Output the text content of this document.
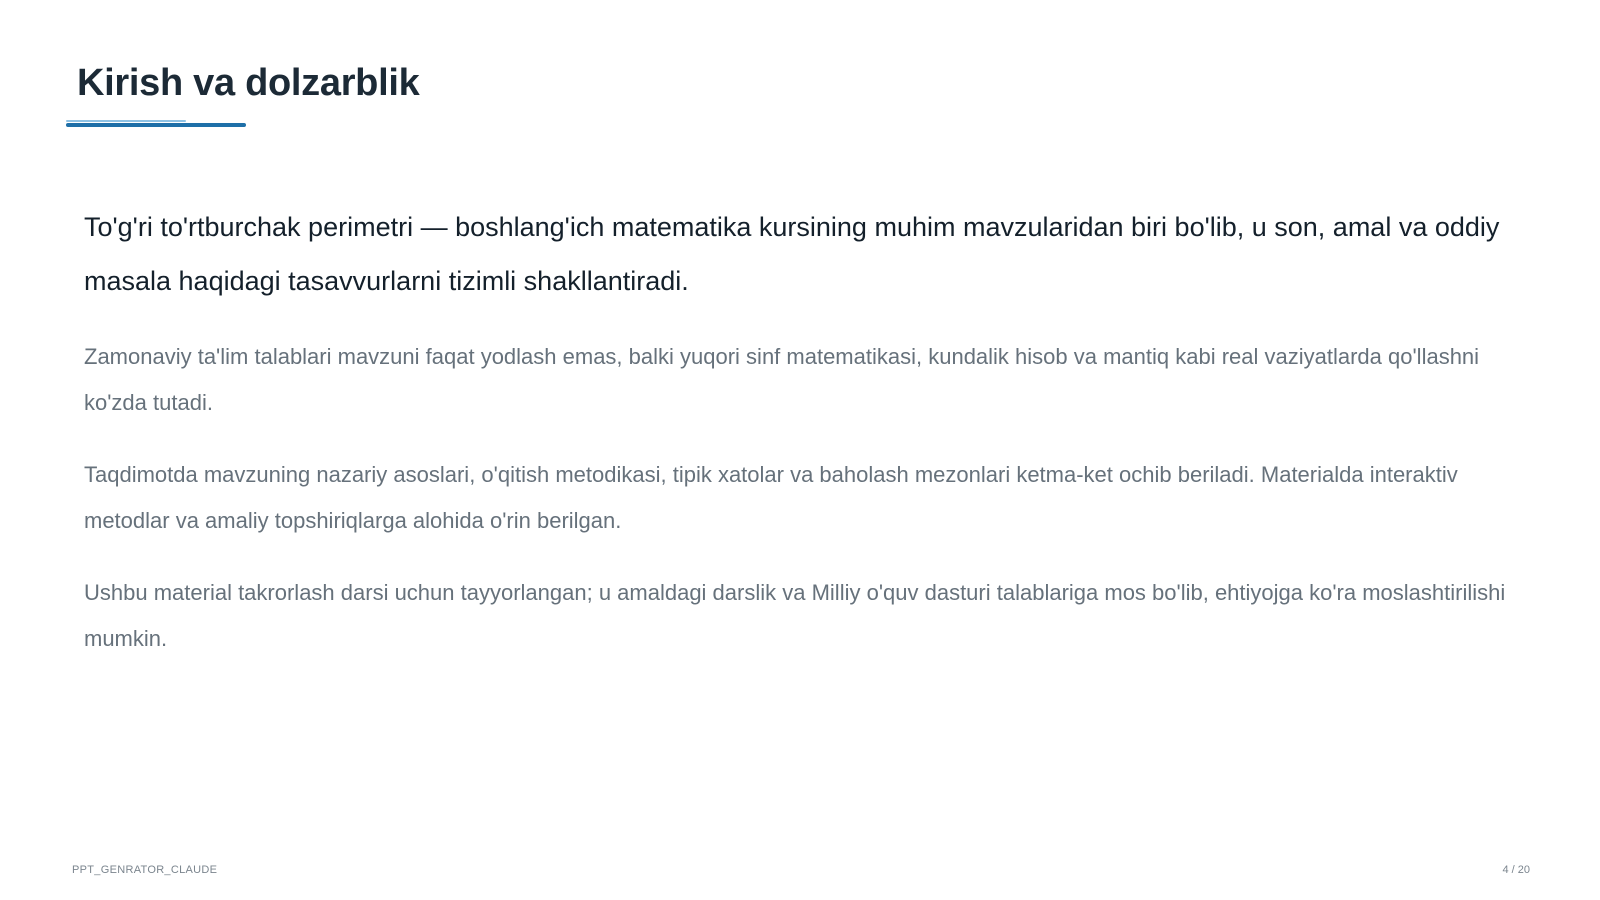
Kirish va dolzarblik

To'g'ri to'rtburchak perimetri — boshlang'ich matematika kursining muhim mavzularidan biri bo'lib, u son, amal va oddiy masala haqidagi tasavvurlarni tizimli shakllantiradi.

Zamonaviy ta'lim talablari mavzuni faqat yodlash emas, balki yuqori sinf matematikasi, kundalik hisob va mantiq kabi real vaziyatlarda qo'llashni ko'zda tutadi.

Taqdimotda mavzuning nazariy asoslari, o'qitish metodikasi, tipik xatolar va baholash mezonlari ketma-ket ochib beriladi. Materialda interaktiv metodlar va amaliy topshiriqlarga alohida o'rin berilgan.

Ushbu material takrorlash darsi uchun tayyorlangan; u amaldagi darslik va Milliy o'quv dasturi talablariga mos bo'lib, ehtiyojga ko'ra moslashtirilishi mumkin.

PPT_GENRATOR_CLAUDE	4 / 20
